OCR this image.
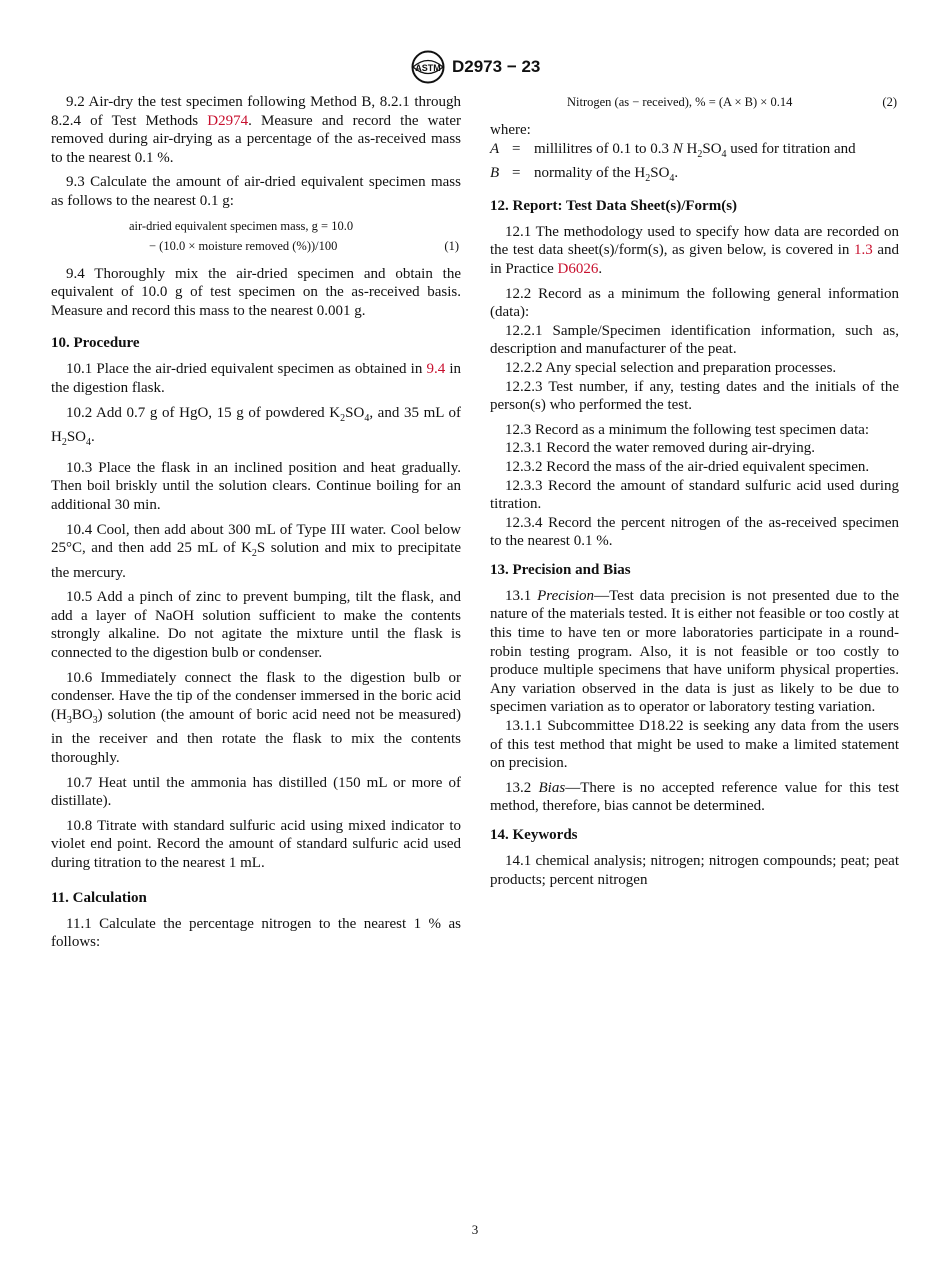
ASTM D2973 − 23

9.2 Air-dry the test specimen following Method B, 8.2.1 through 8.2.4 of Test Methods D2974. Measure and record the water removed during air-drying as a percentage of the as-received mass to the nearest 0.1 %.

9.3 Calculate the amount of air-dried equivalent specimen mass as follows to the nearest 0.1 g:

air-dried equivalent specimen mass, g = 10.0
− (10.0 × moisture removed (%))/100	(1)

9.4 Thoroughly mix the air-dried specimen and obtain the equivalent of 10.0 g of test specimen on the as-received basis. Measure and record this mass to the nearest 0.001 g.

10. Procedure

10.1 Place the air-dried equivalent specimen as obtained in 9.4 in the digestion flask.

10.2 Add 0.7 g of HgO, 15 g of powdered $K_2SO_4$, and 35 mL of $H_2SO_4$.

10.3 Place the flask in an inclined position and heat gradually. Then boil briskly until the solution clears. Continue boiling for an additional 30 min.

10.4 Cool, then add about 300 mL of Type III water. Cool below 25°C, and then add 25 mL of $K_2S$ solution and mix to precipitate the mercury.

10.5 Add a pinch of zinc to prevent bumping, tilt the flask, and add a layer of NaOH solution sufficient to make the contents strongly alkaline. Do not agitate the mixture until the flask is connected to the digestion bulb or condenser.

10.6 Immediately connect the flask to the digestion bulb or condenser. Have the tip of the condenser immersed in the boric acid $(H_3BO_3)$ solution (the amount of boric acid need not be measured) in the receiver and then rotate the flask to mix the contents thoroughly.

10.7 Heat until the ammonia has distilled (150 mL or more of distillate).

10.8 Titrate with standard sulfuric acid using mixed indicator to violet end point. Record the amount of standard sulfuric acid used during titration to the nearest 1 mL.

11. Calculation

11.1 Calculate the percentage nitrogen to the nearest 1 % as follows:

Nitrogen (as − received), % = (A × B) × 0.14	(2)

where:

A = millilitres of 0.1 to 0.3 N $H_2SO_4$ used for titration and
B = normality of the $H_2SO_4$.
12. Report: Test Data Sheet(s)/Form(s)

12.1 The methodology used to specify how data are recorded on the test data sheet(s)/form(s), as given below, is covered in 1.3 and in Practice D6026.

12.2 Record as a minimum the following general information (data):

12.2.1 Sample/Specimen identification information, such as, description and manufacturer of the peat.

12.2.2 Any special selection and preparation processes.

12.2.3 Test number, if any, testing dates and the initials of the person(s) who performed the test.

12.3 Record as a minimum the following test specimen data:

12.3.1 Record the water removed during air-drying.

12.3.2 Record the mass of the air-dried equivalent specimen.

12.3.3 Record the amount of standard sulfuric acid used during titration.

12.3.4 Record the percent nitrogen of the as-received specimen to the nearest 0.1 %.

13. Precision and Bias

13.1 Precision—Test data precision is not presented due to the nature of the materials tested. It is either not feasible or too costly at this time to have ten or more laboratories participate in a round-robin testing program. Also, it is not feasible or too costly to produce multiple specimens that have uniform physical properties. Any variation observed in the data is just as likely to be due to specimen variation as to operator or laboratory testing variation.

13.1.1 Subcommittee D18.22 is seeking any data from the users of this test method that might be used to make a limited statement on precision.

13.2 Bias—There is no accepted reference value for this test method, therefore, bias cannot be determined.

14. Keywords

14.1 chemical analysis; nitrogen; nitrogen compounds; peat; peat products; percent nitrogen

3
